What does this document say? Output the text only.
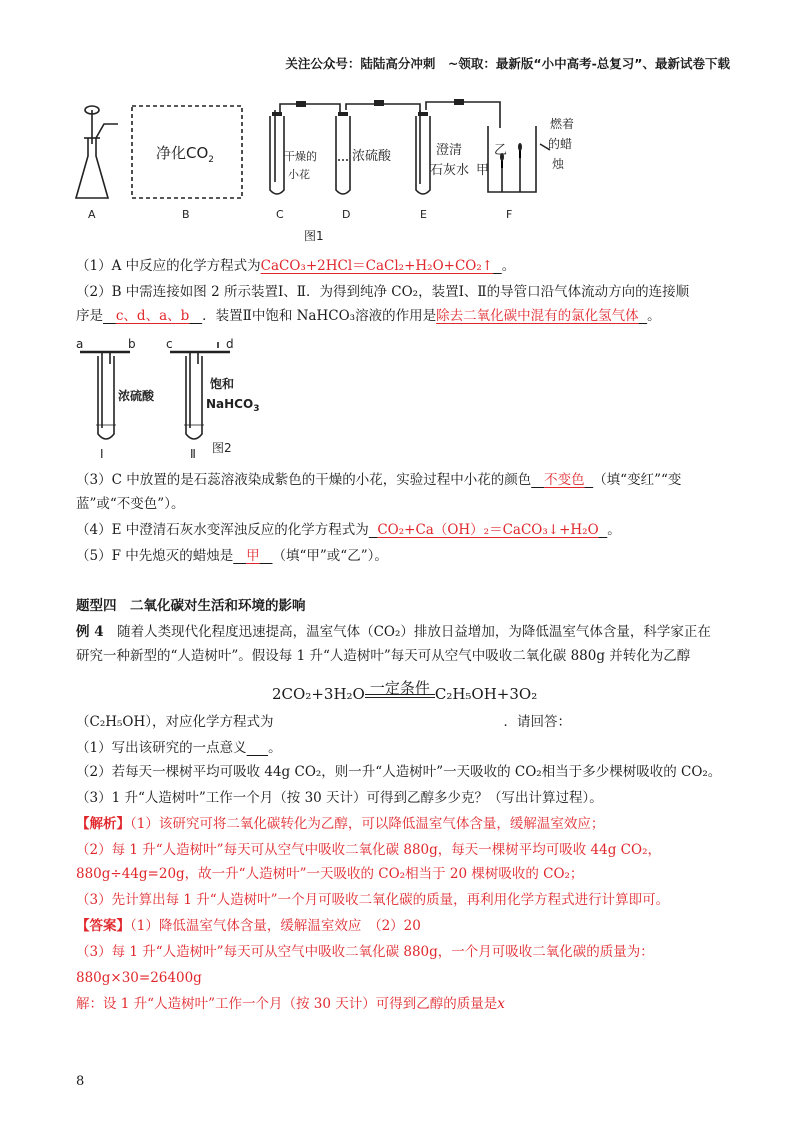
关注公众号：陆陆高分冲刺　~领取：最新版“小中高考-总复习”、最新试卷下载
净化$CO_2$	干燥的
小花
浓硫酸	澄清
石灰水
乙
甲
燃着
的蜡
烛
A	B	C	D	E	F
图1
（1）A 中反应的化学方程式为CaCO₃+2HCl＝CaCl₂+H₂O+CO₂↑ 。
（2）B 中需连接如图 2 所示装置Ⅰ、Ⅱ．为得到纯净 CO₂，装置Ⅰ、Ⅱ的导管口沿气体流动方向的连接顺
序是 c、d、a、b ．装置Ⅱ中饱和 NaHCO₃溶液的作用是除去二氧化碳中混有的氯化氢气体 。
a	b	c	d
浓硫酸
饱和
NaHCO$_3$
Ⅰ	Ⅱ 图2
（3）C 中放置的是石蕊溶液染成紫色的干燥的小花，实验过程中小花的颜色 不变色 （填“变红”“变
蓝”或“不变色”）。
（4）E 中澄清石灰水变浑浊反应的化学方程式为 CO₂+Ca（OH）₂＝CaCO₃↓+H₂O 。
（5）F 中先熄灭的蜡烛是 甲 （填“甲”或“乙”）。
题型四　二氧化碳对生活和环境的影响
例 4　随着人类现代化程度迅速提高，温室气体（CO₂）排放日益增加，为降低温室气体含量，科学家正在
研究一种新型的“人造树叶”。假设每 1 升“人造树叶”每天可从空气中吸收二氧化碳 880g 并转化为乙醇
2CO₂+3H₂O 一定条件 C₂H₅OH+3O₂
（C₂H₅OH），对应化学方程式为	．请回答：
（1）写出该研究的一点意义 。
（2）若每天一棵树平均可吸收 44g CO₂，则一升“人造树叶”一天吸收的 CO₂相当于多少棵树吸收的 CO₂。
（3）1 升“人造树叶”工作一个月（按 30 天计）可得到乙醇多少克？（写出计算过程）。
【解析】（1）该研究可将二氧化碳转化为乙醇，可以降低温室气体含量，缓解温室效应；
（2）每 1 升“人造树叶”每天可从空气中吸收二氧化碳 880g，每天一棵树平均可吸收 44g CO₂，
880g÷44g=20g，故一升“人造树叶”一天吸收的 CO₂相当于 20 棵树吸收的 CO₂；
（3）先计算出每 1 升“人造树叶”一个月可吸收二氧化碳的质量，再利用化学方程式进行计算即可。
【答案】（1）降低温室气体含量，缓解温室效应　（2）20
（3）每 1 升“人造树叶”每天可从空气中吸收二氧化碳 880g，一个月可吸收二氧化碳的质量为：
880g×30=26400g
解：设 1 升“人造树叶”工作一个月（按 30 天计）可得到乙醇的质量是x
8
